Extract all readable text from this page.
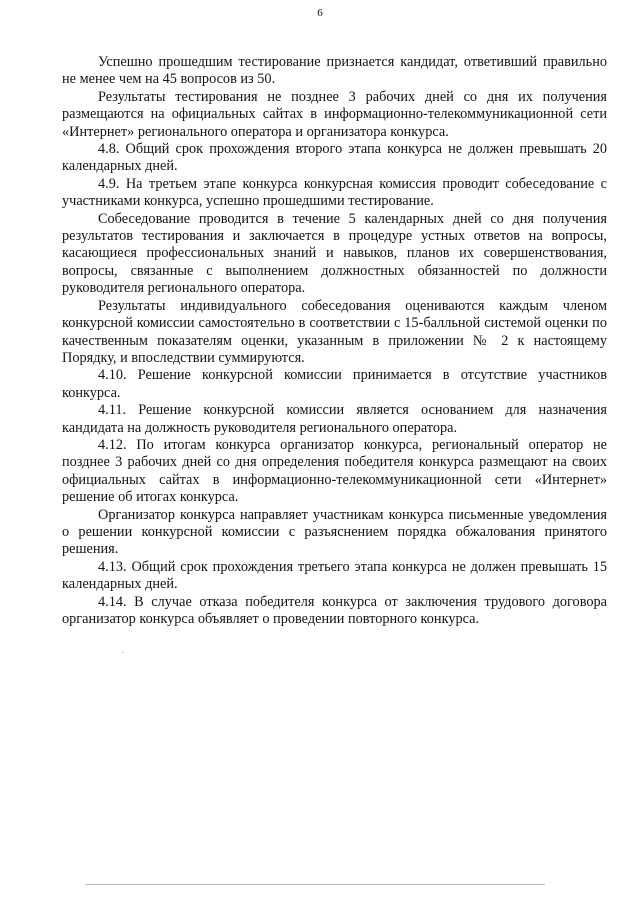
6

Успешно прошедшим тестирование признается кандидат, ответивший правильно не менее чем на 45 вопросов из 50.

Результаты тестирования не позднее 3 рабочих дней со дня их получения размещаются на официальных сайтах в информационно-телекоммуникационной сети «Интернет» регионального оператора и организатора конкурса.

4.8. Общий срок прохождения второго этапа конкурса не должен превышать 20 календарных дней.

4.9. На третьем этапе конкурса конкурсная комиссия проводит собеседование с участниками конкурса, успешно прошедшими тестирование.

Собеседование проводится в течение 5 календарных дней со дня получения результатов тестирования и заключается в процедуре устных ответов на вопросы, касающиеся профессиональных знаний и навыков, планов их совершенствования, вопросы, связанные с выполнением должностных обязанностей по должности руководителя регионального оператора.

Результаты индивидуального собеседования оцениваются каждым членом конкурсной комиссии самостоятельно в соответствии с 15-балльной системой оценки по качественным показателям оценки, указанным в приложении № 2 к настоящему Порядку, и впоследствии суммируются.

4.10. Решение конкурсной комиссии принимается в отсутствие участников конкурса.

4.11. Решение конкурсной комиссии является основанием для назначения кандидата на должность руководителя регионального оператора.

4.12. По итогам конкурса организатор конкурса, региональный оператор не позднее 3 рабочих дней со дня определения победителя конкурса размещают на своих официальных сайтах в информационно-телекоммуникационной сети «Интернет» решение об итогах конкурса.

Организатор конкурса направляет участникам конкурса письменные уведомления о решении конкурсной комиссии с разъяснением порядка обжалования принятого решения.

4.13. Общий срок прохождения третьего этапа конкурса не должен превышать 15 календарных дней.

4.14. В случае отказа победителя конкурса от заключения трудового договора организатор конкурса объявляет о проведении повторного конкурса.
